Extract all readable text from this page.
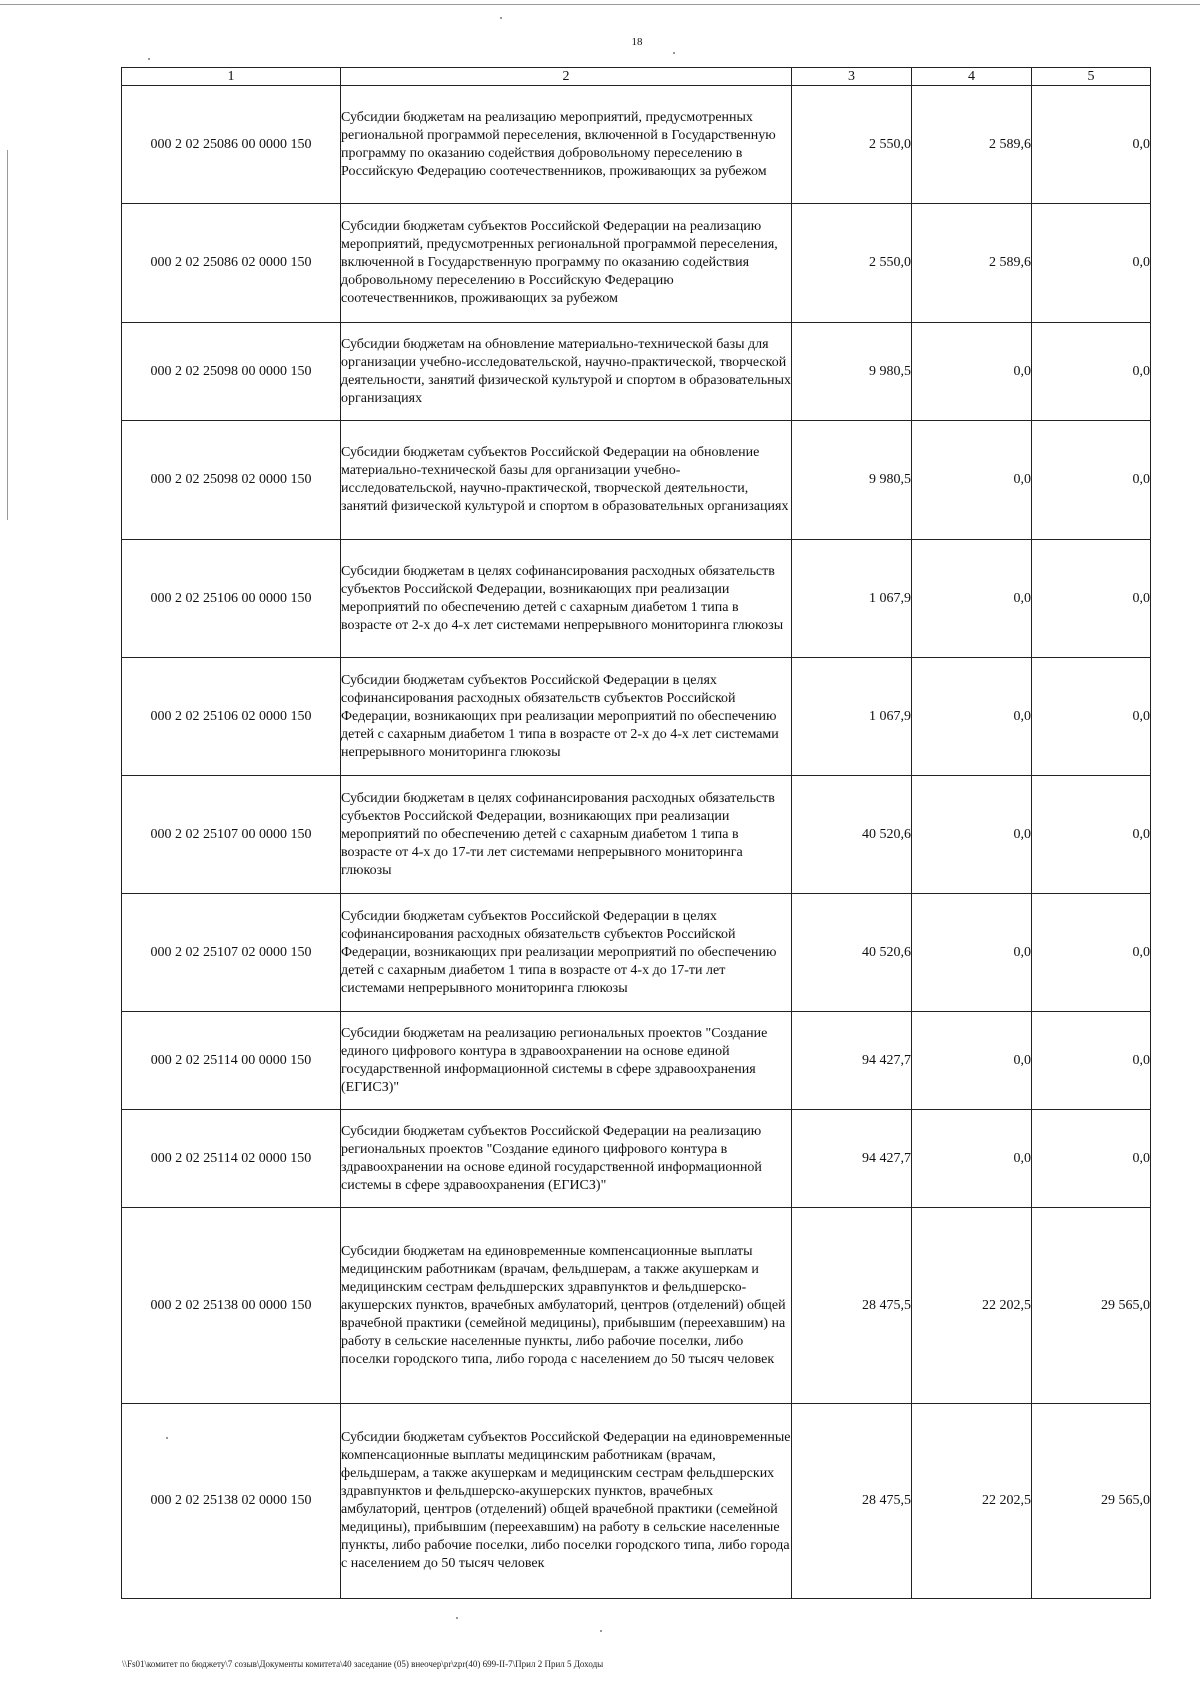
18
1	2	3	4	5
000 2 02 25086 00 0000 150	Субсидии бюджетам на реализацию мероприятий, предусмотренных региональной программой переселения, включенной в Государственную программу по оказанию содействия добровольному переселению в Российскую Федерацию соотечественников, проживающих за рубежом	2 550,0	2 589,6	0,0
000 2 02 25086 02 0000 150	Субсидии бюджетам субъектов Российской Федерации на реализацию мероприятий, предусмотренных региональной программой переселения, включенной в Государственную программу по оказанию содействия добровольному переселению в Российскую Федерацию соотечественников, проживающих за рубежом	2 550,0	2 589,6	0,0
000 2 02 25098 00 0000 150	Субсидии бюджетам на обновление материально-технической базы для организации учебно-исследовательской, научно-практической, творческой деятельности, занятий физической культурой и спортом в образовательных организациях	9 980,5	0,0	0,0
000 2 02 25098 02 0000 150	Субсидии бюджетам субъектов Российской Федерации на обновление материально-технической базы для организации учебно-исследовательской, научно-практической, творческой деятельности, занятий физической культурой и спортом в образовательных организациях	9 980,5	0,0	0,0
000 2 02 25106 00 0000 150	Субсидии бюджетам в целях софинансирования расходных обязательств субъектов Российской Федерации, возникающих при реализации мероприятий по обеспечению детей с сахарным диабетом 1 типа в возрасте от 2-х до 4-х лет системами непрерывного мониторинга глюкозы	1 067,9	0,0	0,0
000 2 02 25106 02 0000 150	Субсидии бюджетам субъектов Российской Федерации в целях софинансирования расходных обязательств субъектов Российской Федерации, возникающих при реализации мероприятий по обеспечению детей с сахарным диабетом 1 типа в возрасте от 2-х до 4-х лет системами непрерывного мониторинга глюкозы	1 067,9	0,0	0,0
000 2 02 25107 00 0000 150	Субсидии бюджетам в целях софинансирования расходных обязательств субъектов Российской Федерации, возникающих при реализации мероприятий по обеспечению детей с сахарным диабетом 1 типа в возрасте от 4-х до 17-ти лет системами непрерывного мониторинга глюкозы	40 520,6	0,0	0,0
000 2 02 25107 02 0000 150	Субсидии бюджетам субъектов Российской Федерации в целях софинансирования расходных обязательств субъектов Российской Федерации, возникающих при реализации мероприятий по обеспечению детей с сахарным диабетом 1 типа в возрасте от 4-х до 17-ти лет системами непрерывного мониторинга глюкозы	40 520,6	0,0	0,0
000 2 02 25114 00 0000 150	Субсидии бюджетам на реализацию региональных проектов "Создание единого цифрового контура в здравоохранении на основе единой государственной информационной системы в сфере здравоохранения (ЕГИСЗ)"	94 427,7	0,0	0,0
000 2 02 25114 02 0000 150	Субсидии бюджетам субъектов Российской Федерации на реализацию региональных проектов "Создание единого цифрового контура в здравоохранении на основе единой государственной информационной системы в сфере здравоохранения (ЕГИСЗ)"	94 427,7	0,0	0,0
000 2 02 25138 00 0000 150	Субсидии бюджетам на единовременные компенсационные выплаты медицинским работникам (врачам, фельдшерам, а также акушеркам и медицинским сестрам фельдшерских здравпунктов и фельдшерско-акушерских пунктов, врачебных амбулаторий, центров (отделений) общей врачебной практики (семейной медицины), прибывшим (переехавшим) на работу в сельские населенные пункты, либо рабочие поселки, либо поселки городского типа, либо города с населением до 50 тысяч человек	28 475,5	22 202,5	29 565,0
000 2 02 25138 02 0000 150	Субсидии бюджетам субъектов Российской Федерации на единовременные компенсационные выплаты медицинским работникам (врачам, фельдшерам, а также акушеркам и медицинским сестрам фельдшерских здравпунктов и фельдшерско-акушерских пунктов, врачебных амбулаторий, центров (отделений) общей врачебной практики (семейной медицины), прибывшим (переехавшим) на работу в сельские населенные пункты, либо рабочие поселки, либо поселки городского типа, либо города с населением до 50 тысяч человек	28 475,5	22 202,5	29 565,0
\\Fs01\комитет по бюджету\7 созыв\Документы комитета\40 заседание (05) внеочер\pr\zpr(40) 699-II-7\Прил 2 Прил 5 Доходы
